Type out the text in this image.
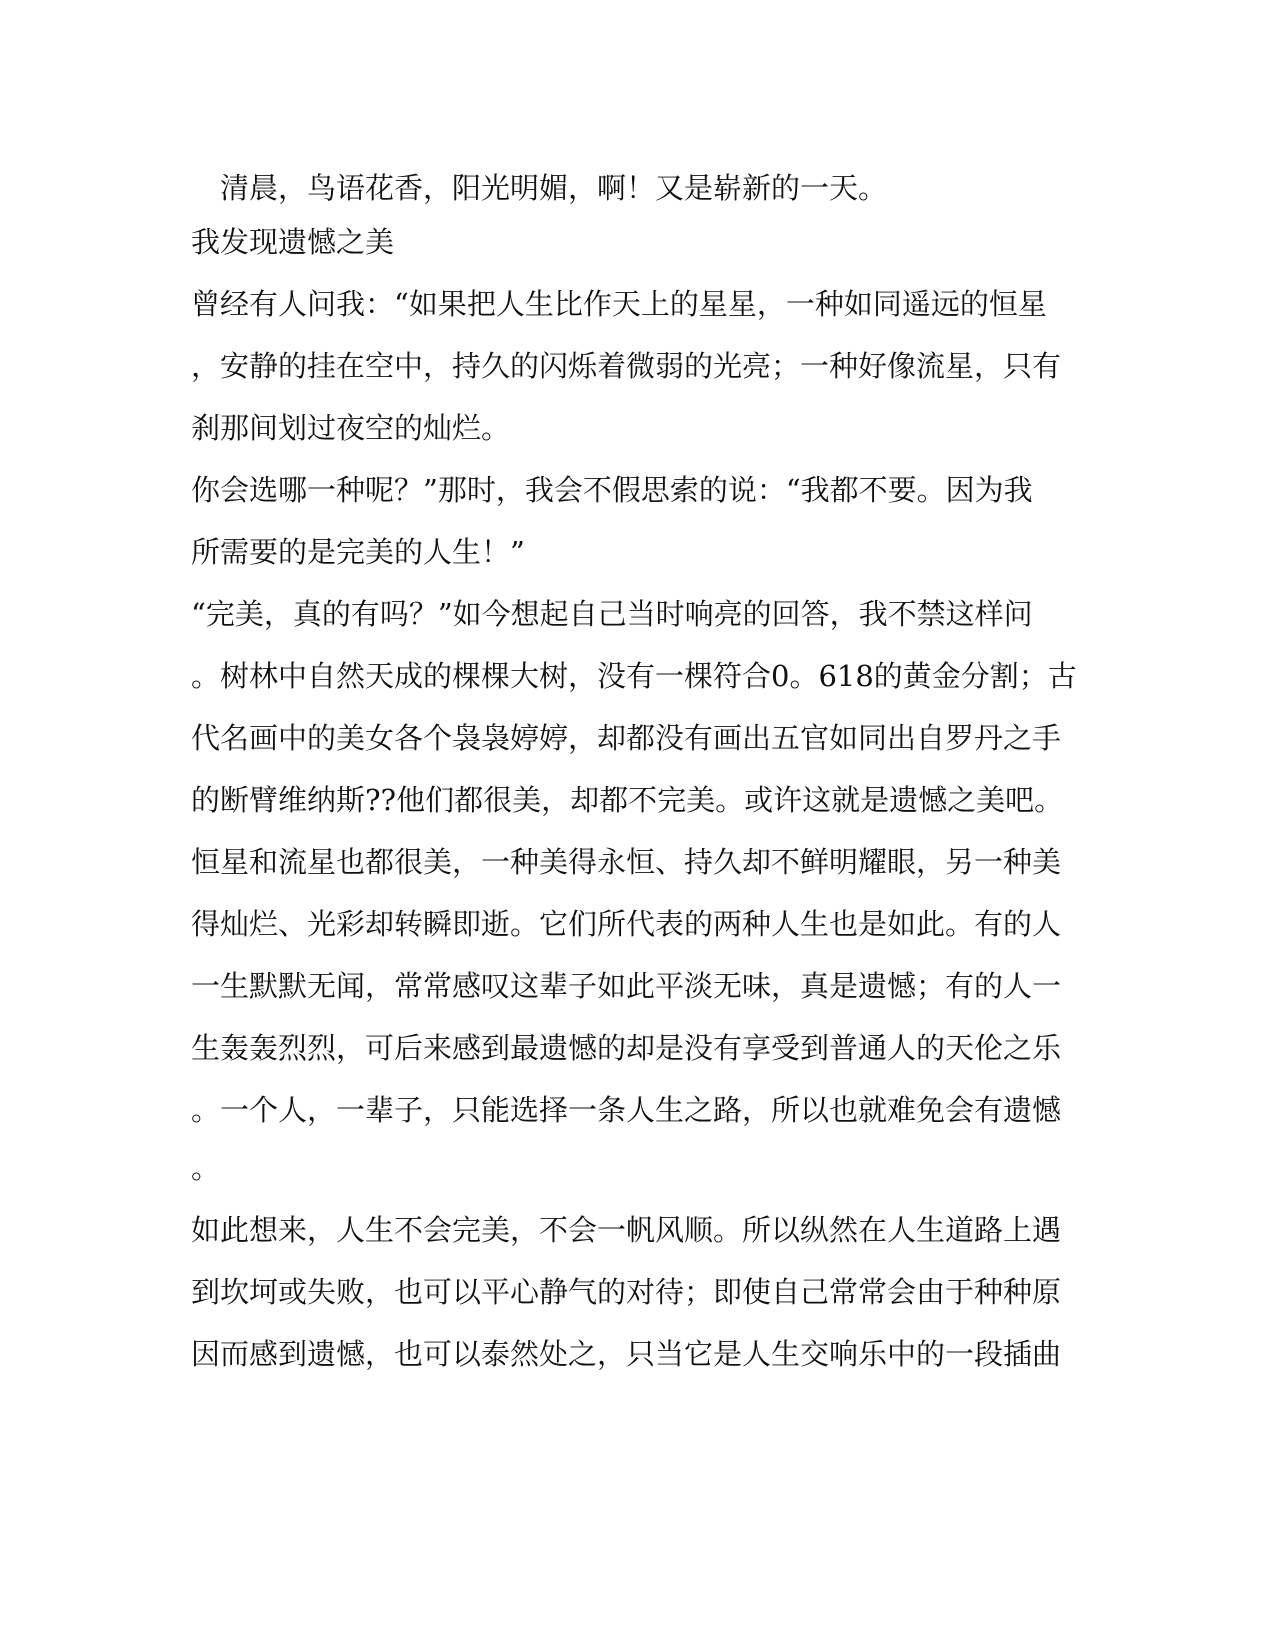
　清晨，鸟语花香，阳光明媚，啊！又是崭新的一天。

我发现遗憾之美

曾经有人问我：“如果把人生比作天上的星星，一种如同遥远的恒星

，安静的挂在空中，持久的闪烁着微弱的光亮；一种好像流星，只有

刹那间划过夜空的灿烂。

你会选哪一种呢？”那时，我会不假思索的说：“我都不要。因为我

所需要的是完美的人生！”

“完美，真的有吗？”如今想起自己当时响亮的回答，我不禁这样问

。树林中自然天成的棵棵大树，没有一棵符合0。618的黄金分割；古

代名画中的美女各个袅袅婷婷，却都没有画出五官如同出自罗丹之手

的断臂维纳斯??他们都很美，却都不完美。或许这就是遗憾之美吧。

恒星和流星也都很美，一种美得永恒、持久却不鲜明耀眼，另一种美

得灿烂、光彩却转瞬即逝。它们所代表的两种人生也是如此。有的人

一生默默无闻，常常感叹这辈子如此平淡无味，真是遗憾；有的人一

生轰轰烈烈，可后来感到最遗憾的却是没有享受到普通人的天伦之乐

。一个人，一辈子，只能选择一条人生之路，所以也就难免会有遗憾

。

如此想来，人生不会完美，不会一帆风顺。所以纵然在人生道路上遇

到坎坷或失败，也可以平心静气的对待；即使自己常常会由于种种原

因而感到遗憾，也可以泰然处之，只当它是人生交响乐中的一段插曲
